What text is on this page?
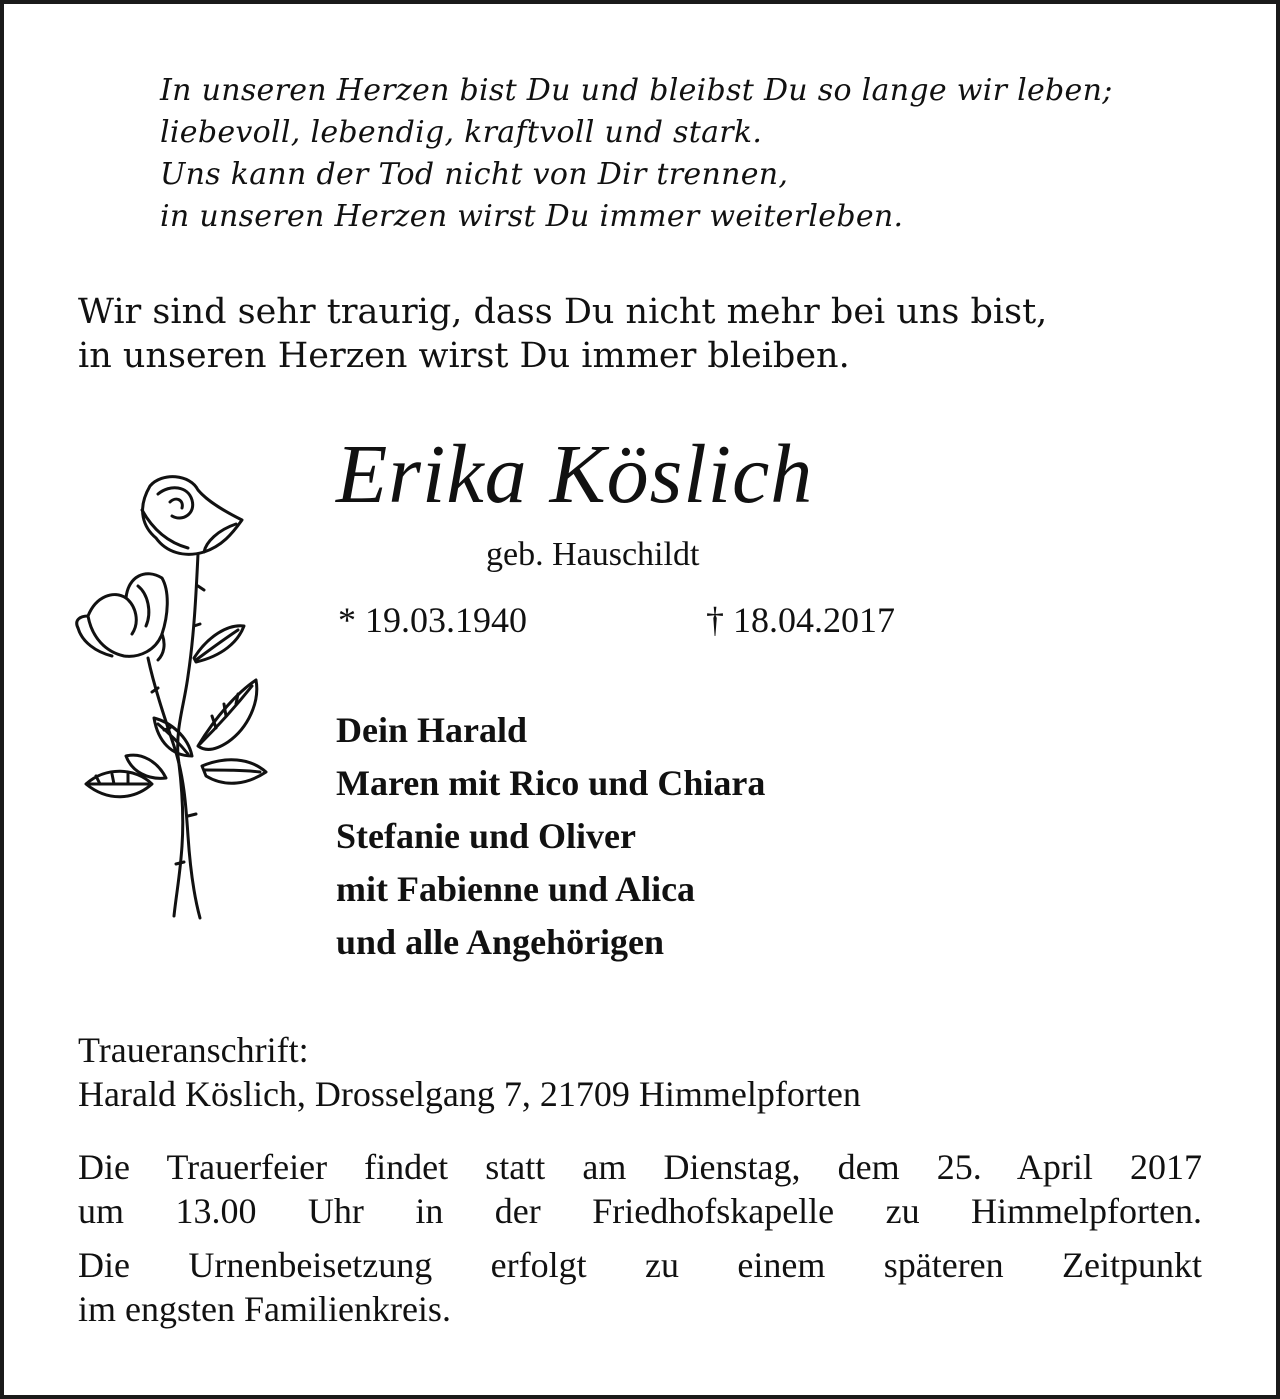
In unseren Herzen bist Du und bleibst Du so lange wir leben;
liebevoll, lebendig, kraftvoll und stark.
Uns kann der Tod nicht von Dir trennen,
in unseren Herzen wirst Du immer weiterleben.
Wir sind sehr traurig, dass Du nicht mehr bei uns bist,
in unseren Herzen wirst Du immer bleiben.
Erika Köslich
geb. Hauschildt
* 19.03.1940	† 18.04.2017
Dein Harald
Maren mit Rico und Chiara
Stefanie und Oliver
mit Fabienne und Alica
und alle Angehörigen
Traueranschrift:
Harald Köslich, Drosselgang 7, 21709 Himmelpforten
Die Trauerfeier findet statt am Dienstag, dem 25. April 2017
um 13.00 Uhr in der Friedhofskapelle zu Himmelpforten.
Die Urnenbeisetzung erfolgt zu einem späteren Zeitpunkt
im engsten Familienkreis.
